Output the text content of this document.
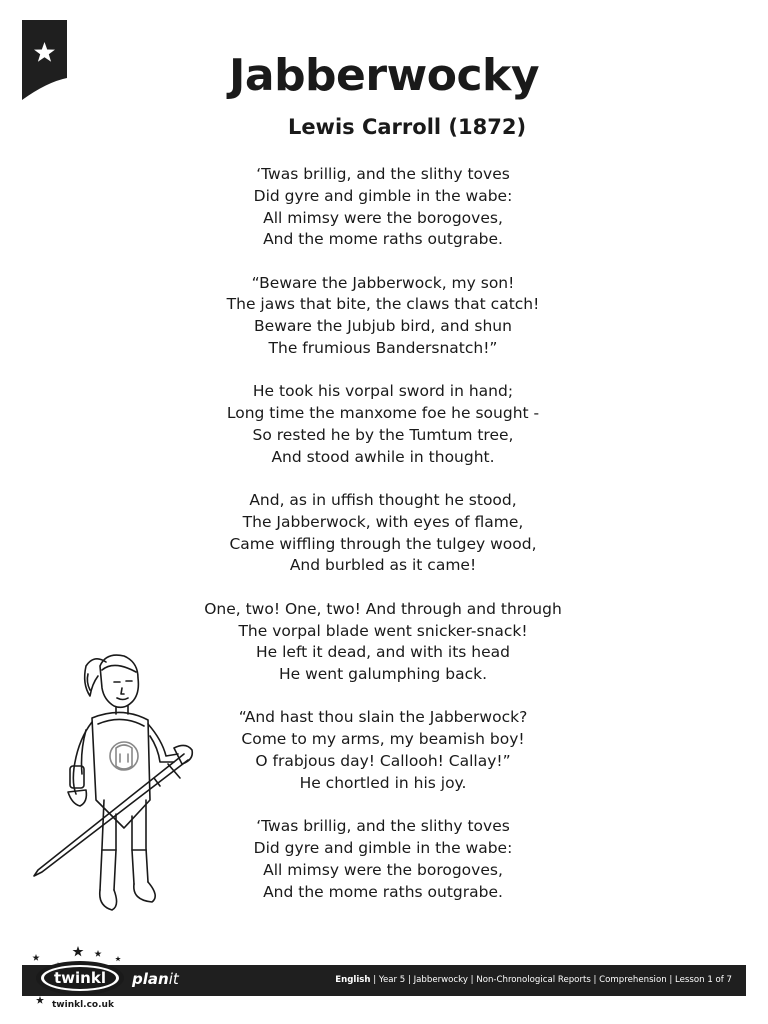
Jabberwocky
Lewis Carroll (1872)
‘Twas brillig, and the slithy toves
Did gyre and gimble in the wabe:
All mimsy were the borogoves,
And the mome raths outgrabe.
“Beware the Jabberwock, my son!
The jaws that bite, the claws that catch!
Beware the Jubjub bird, and shun
The frumious Bandersnatch!”
He took his vorpal sword in hand;
Long time the manxome foe he sought -
So rested he by the Tumtum tree,
And stood awhile in thought.
And, as in uffish thought he stood,
The Jabberwock, with eyes of flame,
Came wiffling through the tulgey wood,
And burbled as it came!
One, two! One, two! And through and through
The vorpal blade went snicker-snack!
He left it dead, and with its head
He went galumphing back.
“And hast thou slain the Jabberwock?
Come to my arms, my beamish boy!
O frabjous day! Callooh! Callay!”
He chortled in his joy.
‘Twas brillig, and the slithy toves
Did gyre and gimble in the wabe:
All mimsy were the borogoves,
And the mome raths outgrabe.
twinkl
twinkl.co.uk
planit	English | Year 5 | Jabberwocky | Non-Chronological Reports | Comprehension | Lesson 1 of 7
